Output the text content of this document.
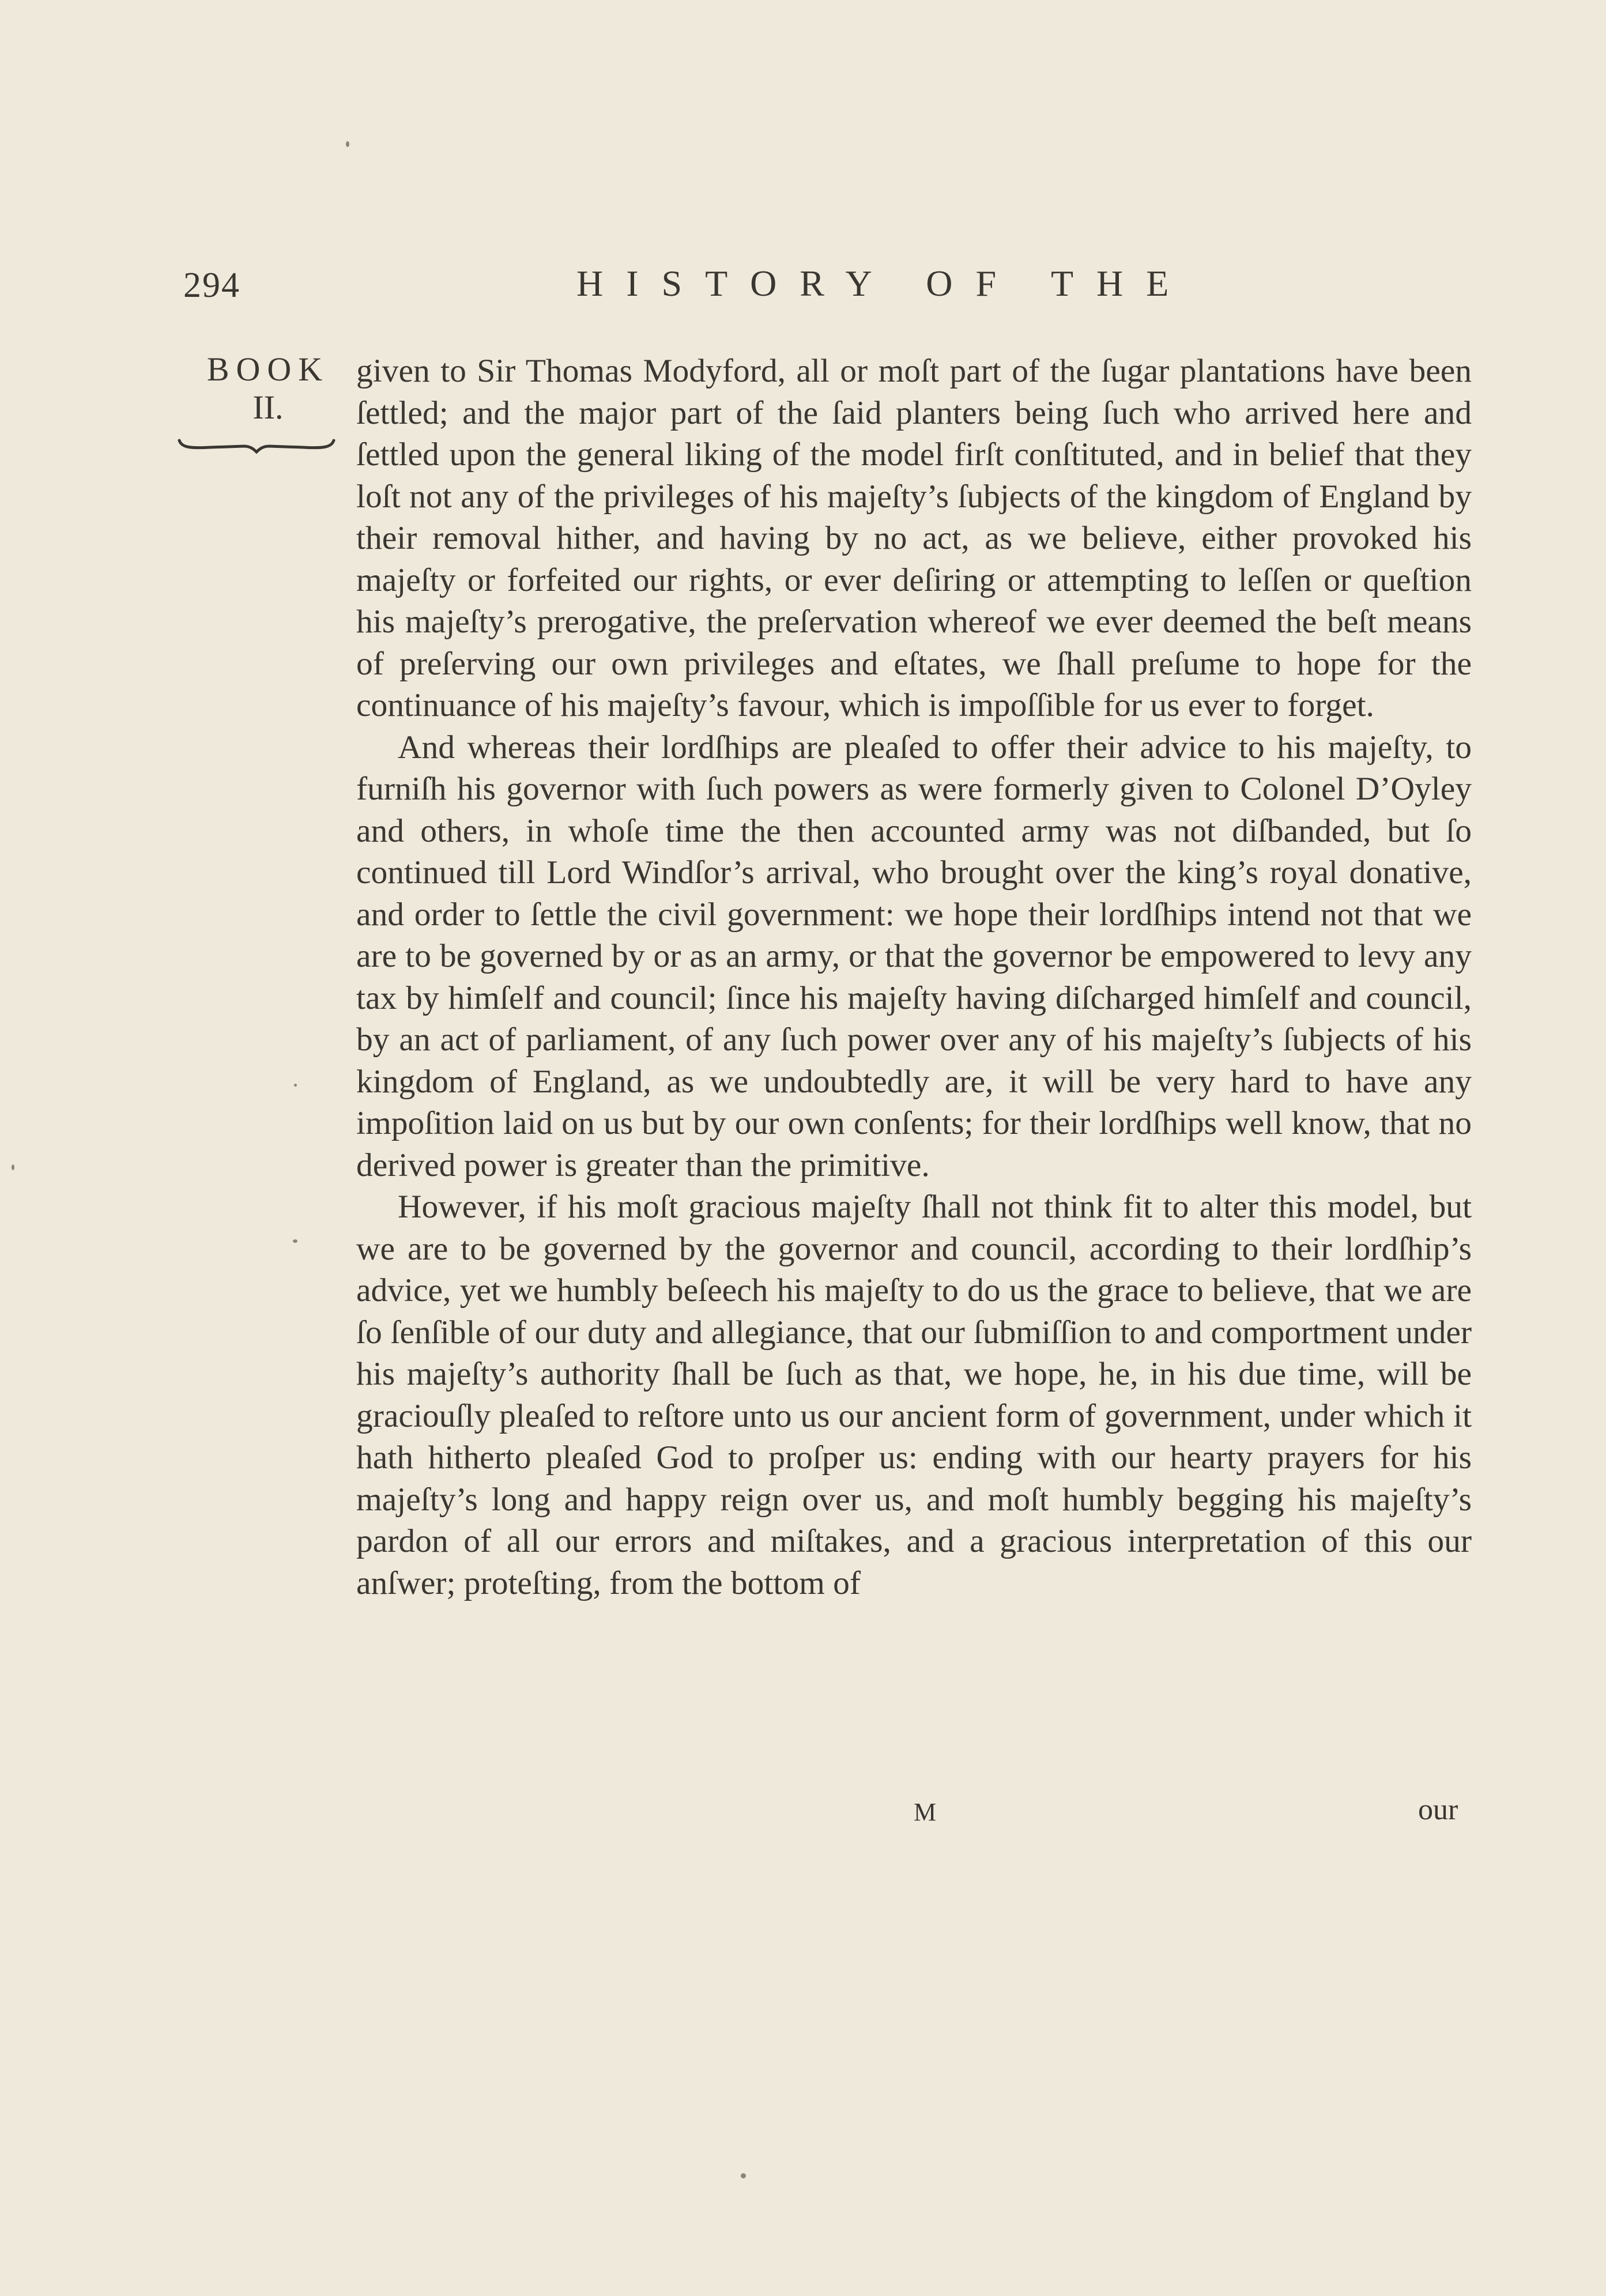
294	HISTORY OF THE
BOOK
II.

given to Sir Thomas Modyford, all or moſt part of the ſugar plantations have been ſettled; and the major part of the ſaid planters being ſuch who arrived here and ſettled upon the general liking of the model firſt conſtituted, and in belief that they loſt not any of the privileges of his majeſty’s ſubjects of the kingdom of England by their removal hither, and having by no act, as we believe, either provoked his majeſty or forfeited our rights, or ever deſiring or attempting to leſſen or queſtion his majeſty’s prerogative, the preſervation whereof we ever deemed the beſt means of preſerving our own privileges and eſtates, we ſhall preſume to hope for the continuance of his majeſty’s favour, which is impoſſible for us ever to forget.

And whereas their lordſhips are pleaſed to offer their advice to his majeſty, to furniſh his governor with ſuch powers as were formerly given to Colonel D’Oyley and others, in whoſe time the then accounted army was not diſbanded, but ſo continued till Lord Windſor’s arrival, who brought over the king’s royal donative, and order to ſettle the civil government: we hope their lordſhips intend not that we are to be governed by or as an army, or that the governor be empowered to levy any tax by himſelf and council; ſince his majeſty having diſcharged himſelf and council, by an act of parliament, of any ſuch power over any of his majeſty’s ſubjects of his kingdom of England, as we undoubtedly are, it will be very hard to have any impoſition laid on us but by our own conſents; for their lordſhips well know, that no derived power is greater than the primitive.

However, if his moſt gracious majeſty ſhall not think fit to alter this model, but we are to be governed by the governor and council, according to their lordſhip’s advice, yet we humbly beſeech his majeſty to do us the grace to believe, that we are ſo ſenſible of our duty and allegiance, that our ſubmiſſion to and comportment under his majeſty’s authority ſhall be ſuch as that, we hope, he, in his due time, will be graciouſly pleaſed to reſtore unto us our ancient form of government, under which it hath hitherto pleaſed God to proſper us: ending with our hearty prayers for his majeſty’s long and happy reign over us, and moſt humbly begging his majeſty’s pardon of all our errors and miſtakes, and a gracious interpretation of this our anſwer; proteſting, from the bottom of

M	our
